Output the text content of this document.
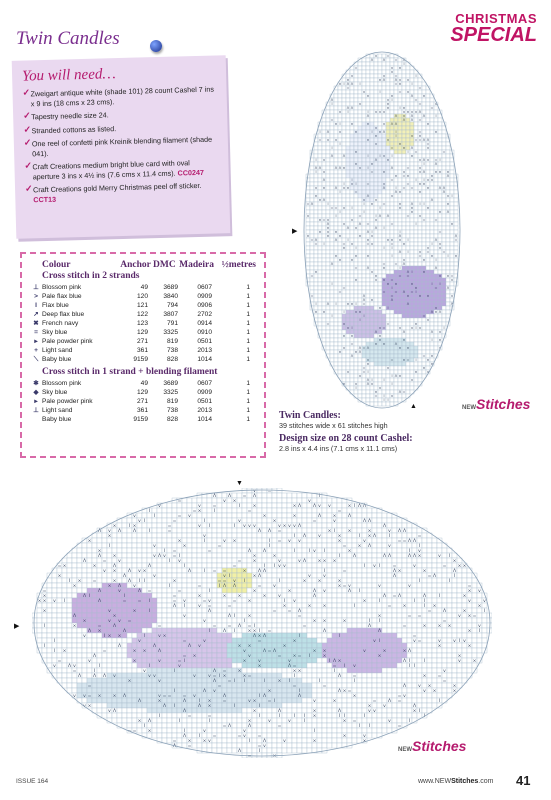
Twin Candles
CHRISTMAS
SPECIAL
You will need…
✓ Zweigart antique white (shade 101) 28 count Cashel 7 ins x 9 ins (18 cms x 23 cms).
✓ Tapestry needle size 24.
✓ Stranded cottons as listed.
✓ One reel of confetti pink Kreinik blending filament (shade 041).
✓ Craft Creations medium bright blue card with oval aperture 3 ins x 4½ ins (7.6 cms x 11.4 cms). CC0247
✓ Craft Creations gold Merry Christmas peel off sticker. CCT13
Colour	Anchor DMC Madeira ½metres
Cross stitch in 2 strands
⊥ Blossom pink	49	3689	0607	1
> Pale flax blue	120	3840	0909	1
I Flax blue	121	794	0906	1
↗ Deep flax blue	122	3807	2702	1
✖ French navy	123	791	0914	1
= Sky blue	129	3325	0910	1
▸ Pale powder pink	271	819	0501	1
+ Light sand	361	738	2013	1
⟍ Baby blue	9159	828	1014	1
Cross stitch in 1 strand + blending filament
✱ Blossom pink	49	3689	0607	1
◆ Sky blue	129	3325	0909	1
▸ Pale powder pink	271	819	0501	1
⊥ Light sand	361	738	2013	1

Baby blue	9159	828	1014	1
v	=
Λ	Λ	= Λ
I
=	v ×
v
v	v	=	I
×	× Λ	Λ v v
× I Λ Λ I	= ×	I
=	=
v	I	= v
×	×	Λ	×
Λ	v I	=
I	v	×	=	v
Λ Λ	×	I ×	=
v I	I v v v	v × v v Λ
Λ	Λ v Λ	Λ	I
=	Λ Λ =
× I	×	×	v Λ Λ	×
v
I Λ	v	×	I × Λ	I	=	×
×	I	v ×	I
= v v	×	v	= = Λ Λ
I	v	×	=
I	=	× Λ	v
I	×	I =	=
Λ	Λ	I	I v I	×
I v	Λ	×	v Λ v = I
×	×	I	Λ
Λ Λ	Λ Λ ×	v I	Λ	=	v
I v	=	×	v	v Λ	× × ×
× = ×	×	Λ
Λ	I	=	I I v v
I v I	=	v	=	× ×
v ×	Λ v ×	Λ	I = =	×	Λ Λ
I	=	Λ ×	×	Λ
×	Λ	v	v I
× Λ	v	v	Λ
= Λ	I	I ×	=	×	Λ I I	×
= = v I	I	×	×	×
I	I	×	× Λ
v	I	=	I Λ Λ	=	v
× = v	v	v	=	=
Λ	v	Λ =	=	I	×
×	Λ v	Λ I
× v ×	Λ I	I	=
×	×	×	×	v	Λ	Λ
= Λ	Λ	I	×	× × v I	Λ	=
= I	= v	= v	=	×	I v
×	I	I I	v	v
Λ I	v =	=
×	×	×	I	=	×	I ×
×	×	v	×	I
Λ	=	= Λ
=	Λ	×	I	Λ
×	v	Λ I	×
=	×	= =	v × =
×	v v =	v
I	× ×	×	I I
=	I	×	=	Λ
=	=	= Λ = I
=	Λ	=	×	× ×	v
Λ ×	Λ
I	Λ I	× × I =	Λ	Λ
× I	v	I
× ×	I	v ×	Λ × Λ
I	I	=
I	v
=	v	=	×
v I	v =	v	v I v	I
Λ	Λ	Λ v
× ×	×
×	×	I ×
=	× ×	Λ
v	Λ = Λ	× ×	v
×	× Λ
Λ	= ×
v	=	× = I	×
×	×
=	v	×
v	= I	×	v
v	I Λ ×
Λ I	I	v
×	v	Λ v	I
I	v
×	Λ =
= I v
I I
▶
▲
Twin Candles:
39 stitches wide x 61 stitches high
Design size on 28 count Cashel:
2.8 ins x 4.4 ins (7.1 cms x 11.1 cms)
NEWStitches
v	=
Λ	Λ	= Λ	I
=	v ×	v
v	v	=	I	×	× Λ	Λ v v	× I Λ Λ
I	= ×	I	=	=
v	I	= v	×	×	Λ	×	Λ
v I	=	I	v	×	=	v	Λ Λ
×	I ×	=	v I	I v v v	v × v v Λ	Λ
Λ v Λ	Λ	I	=	Λ Λ =	× I	×	×	v Λ Λ
×	v	I Λ	v	×	I × Λ	I	=
×	×	I	v ×	I = v v	×	v	= = Λ Λ
I	v	×	=	I	= × Λ	v	I
×	I =	=	Λ	Λ	I	I v I	×	I v
Λ	×	v Λ v = I	×	×	I	Λ	Λ Λ	Λ Λ ×	v I
Λ	=	v	I v	= ×	v	v Λ	× × ×	×
= ×	×	Λ	Λ	I	=	I I v v	I v I	=	v	= × ×
v ×	Λ v ×	Λ	I = =	×	Λ Λ	I	=	Λ ×	×	Λ
×	Λ	v	v I	× Λ	v	v	Λ	= Λ	I
I × =	×	Λ I I	×	= = v I	I	× ×	×	I	I
×	× Λ	v	I	=	I Λ Λ	=	v	× = v	v	v	=
=	Λ	v	Λ =	=	I	×	×	Λ v	Λ I	× v
×	Λ I	I	=	×	× ×	×	v	Λ	Λ = Λ	Λ	I	×
× × v I	Λ	= = I	= v	= v	= ×	I v	×	I	I I	v	v
Λ I	v =	=	×	× ×	I	= ×	I ×	×
×	v	×	I	Λ	= = Λ	=	Λ	×	I
Λ	×	v	Λ I	×	=	×	= =	v × =
×	v v =	v	I	× ×	×	I I	=
I	×	=	Λ	=	= = Λ = I	=	Λ	=	× × ×	v
Λ ×	Λ	I	Λ I	× × I =	Λ	Λ	× I
v	I × ×	I	v ×	Λ × Λ	I	I	=
I	v	=	v	=	×	v I	v =	v	v I v
I	Λ	Λ	Λ v	× ×	×	×	×
I ×	=	× ×	Λ	v	Λ = Λ	× ×	v	×	× Λ
Λ	= ×	v	= × = I	×	×	×
=	v	×	v	= I	×	v	v	I Λ ×	Λ I	I	v	×
v	Λ v	I	I	v	×	Λ =	= I v	I I
=	I	v	I	Λ = ×	× ×	I	v
Λ	Λ Λ v	v v	v	v = I ×	× =	I	Λ	=	× =
×	v	Λ	= I I	I	× I	I	I	=
=	=	=	=	Λ	v ×	×
I	Λ v	×	I	Λ × =	v ×	×
v v = × × Λ	v = = = v	Λ	I Λ	Λ	×	= v
Λ	×	Λ	I × =	v × = I	v	×	=	Λ =	I
v ×	Λ I	Λ ×	I	I	×	v	Λ
v Λ	Λ	×	Λ	×	Λ	v v	× I
I	=	=	I	I	I I ×	I I	I	I
× Λ	I	I	×	v	v	I	× =	v	I
I	= Λ	Λ	=	I I	=
= = ×	I	v	v	I
Λ	I	=	= v	=	×	v
= × × v	I	Λ	v	×	×
Λ	=	= v
Λ	I
=	×
▼
▶
NEWStitches
ISSUE 164	www.NEWStitches.com 41
